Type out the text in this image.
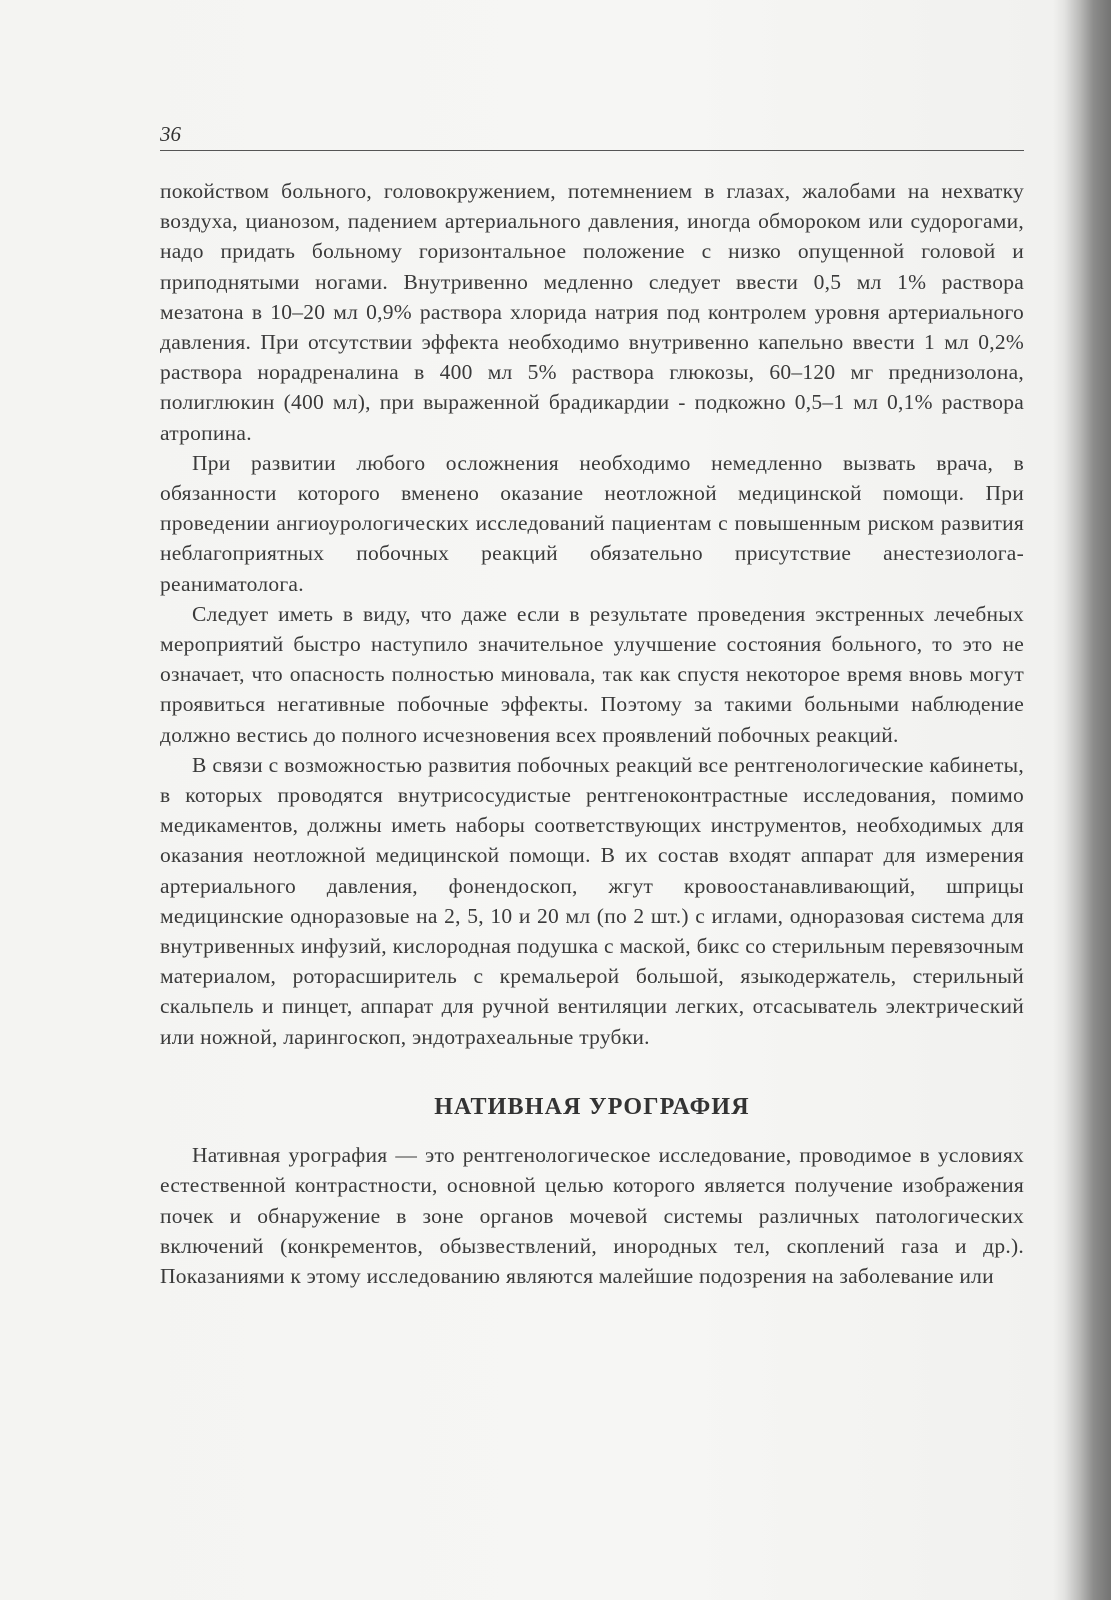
36

покойством больного, головокружением, потемнением в глазах, жалобами на нехватку воздуха, цианозом, падением артериального давления, иногда обмороком или судорогами, надо придать больному горизонтальное положение с низко опущенной головой и приподнятыми ногами. Внутривенно медленно следует ввести 0,5 мл 1% раствора мезатона в 10–20 мл 0,9% раствора хлорида натрия под контролем уровня артериального давления. При отсутствии эффекта необходимо внутривенно капельно ввести 1 мл 0,2% раствора норадреналина в 400 мл 5% раствора глюкозы, 60–120 мг преднизолона, полиглюкин (400 мл), при выраженной брадикардии - подкожно 0,5–1 мл 0,1% раствора атропина.

При развитии любого осложнения необходимо немедленно вызвать врача, в обязанности которого вменено оказание неотложной медицинской помощи. При проведении ангиоурологических исследований пациентам с повышенным риском развития неблагоприятных побочных реакций обязательно присутствие анестезиолога-реаниматолога.

Следует иметь в виду, что даже если в результате проведения экстренных лечебных мероприятий быстро наступило значительное улучшение состояния больного, то это не означает, что опасность полностью миновала, так как спустя некоторое время вновь могут проявиться негативные побочные эффекты. Поэтому за такими больными наблюдение должно вестись до полного исчезновения всех проявлений побочных реакций.

В связи с возможностью развития побочных реакций все рентгенологические кабинеты, в которых проводятся внутрисосудистые рентгеноконтрастные исследования, помимо медикаментов, должны иметь наборы соответствующих инструментов, необходимых для оказания неотложной медицинской помощи. В их состав входят аппарат для измерения артериального давления, фонендоскоп, жгут кровоостанавливающий, шприцы медицинские одноразовые на 2, 5, 10 и 20 мл (по 2 шт.) с иглами, одноразовая система для внутривенных инфузий, кислородная подушка с маской, бикс со стерильным перевязочным материалом, роторасширитель с кремальерой большой, языкодержатель, стерильный скальпель и пинцет, аппарат для ручной вентиляции легких, отсасыватель электрический или ножной, ларингоскоп, эндотрахеальные трубки.

НАТИВНАЯ УРОГРАФИЯ

Нативная урография — это рентгенологическое исследование, проводимое в условиях естественной контрастности, основной целью которого является получение изображения почек и обнаружение в зоне органов мочевой системы различных патологических включений (конкрементов, обызвествлений, инородных тел, скоплений газа и др.). Показаниями к этому исследованию являются малейшие подозрения на заболевание или
